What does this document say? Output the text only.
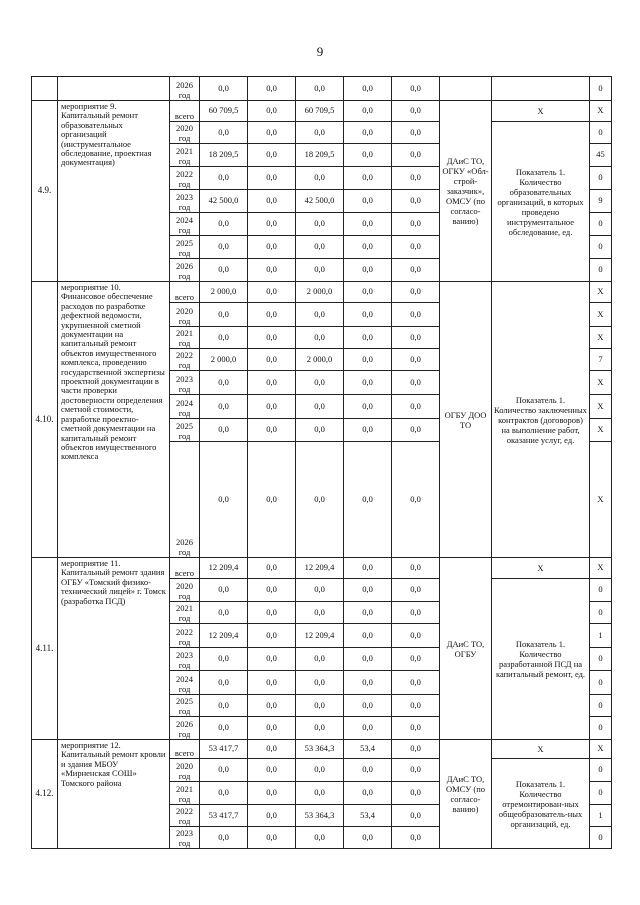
9
		2026 год	0,0	0,0	0,0	0,0	0,0			0
4.9.	мероприятие 9. Капитальный ремонт образовательных организаций (инструментальное обследование, проектная документация)	всего	60 709,5	0,0	60 709,5	0,0	0,0	ДАиС ТО, ОГКУ «Обл-строй-заказчик», ОМСУ (по согласо-ванию)	Х	Х
		2020 год	0,0	0,0	0,0	0,0	0,0		Показатель 1. Количество образовательных организаций, в которых проведено инструментальное обследование, ед.	0
		2021 год	18 209,5	0,0	18 209,5	0,0	0,0			45
		2022 год	0,0	0,0	0,0	0,0	0,0			0
		2023 год	42 500,0	0,0	42 500,0	0,0	0,0			9
		2024 год	0,0	0,0	0,0	0,0	0,0			0
		2025 год	0,0	0,0	0,0	0,0	0,0			0
		2026 год	0,0	0,0	0,0	0,0	0,0			0
4.10.	мероприятие 10. Финансовое обеспечение расходов по разработке дефектной ведомости, укрупненной сметной документации на капитальный ремонт объектов имущественного комплекса, проведению государственной экспертизы проектной документации в части проверки достоверности определения сметной стоимости, разработке проектно-сметной документации на капитальный ремонт объектов имущественного комплекса	всего	2 000,0	0,0	2 000,0	0,0	0,0	ОГБУ ДОО ТО	Показатель 1. Количество заключенных контрактов (договоров) на выполнение работ, оказание услуг, ед.	Х
		2020 год	0,0	0,0	0,0	0,0	0,0			Х
		2021 год	0,0	0,0	0,0	0,0	0,0			Х
		2022 год	2 000,0	0,0	2 000,0	0,0	0,0			7
		2023 год	0,0	0,0	0,0	0,0	0,0			Х
		2024 год	0,0	0,0	0,0	0,0	0,0			Х
		2025 год	0,0	0,0	0,0	0,0	0,0			Х
		2026 год	0,0	0,0	0,0	0,0	0,0			Х
4.11.	мероприятие 11. Капитальный ремонт здания ОГБУ «Томский физико-технический лицей» г. Томск (разработка ПСД)	всего	12 209,4	0,0	12 209,4	0,0	0,0	ДАиС ТО, ОГБУ	Х	Х
		2020 год	0,0	0,0	0,0	0,0	0,0		Показатель 1. Количество разработанной ПСД на капитальный ремонт, ед.	0
		2021 год	0,0	0,0	0,0	0,0	0,0			0
		2022 год	12 209,4	0,0	12 209,4	0,0	0,0			1
		2023 год	0,0	0,0	0,0	0,0	0,0			0
		2024 год	0,0	0,0	0,0	0,0	0,0			0
		2025 год	0,0	0,0	0,0	0,0	0,0			0
		2026 год	0,0	0,0	0,0	0,0	0,0			0
4.12.	мероприятие 12. Капитальный ремонт кровли и здания МБОУ «Мирненская СОШ» Томского района	всего	53 417,7	0,0	53 364,3	53,4	0,0	ДАиС ТО, ОМСУ (по согласо-ванию)	Х	Х
		2020 год	0,0	0,0	0,0	0,0	0,0		Показатель 1. Количество отремонтирован-ных общеобразователь-ных организаций, ед.	0
		2021 год	0,0	0,0	0,0	0,0	0,0			0
		2022 год	53 417,7	0,0	53 364,3	53,4	0,0			1
		2023 год	0,0	0,0	0,0	0,0	0,0			0
